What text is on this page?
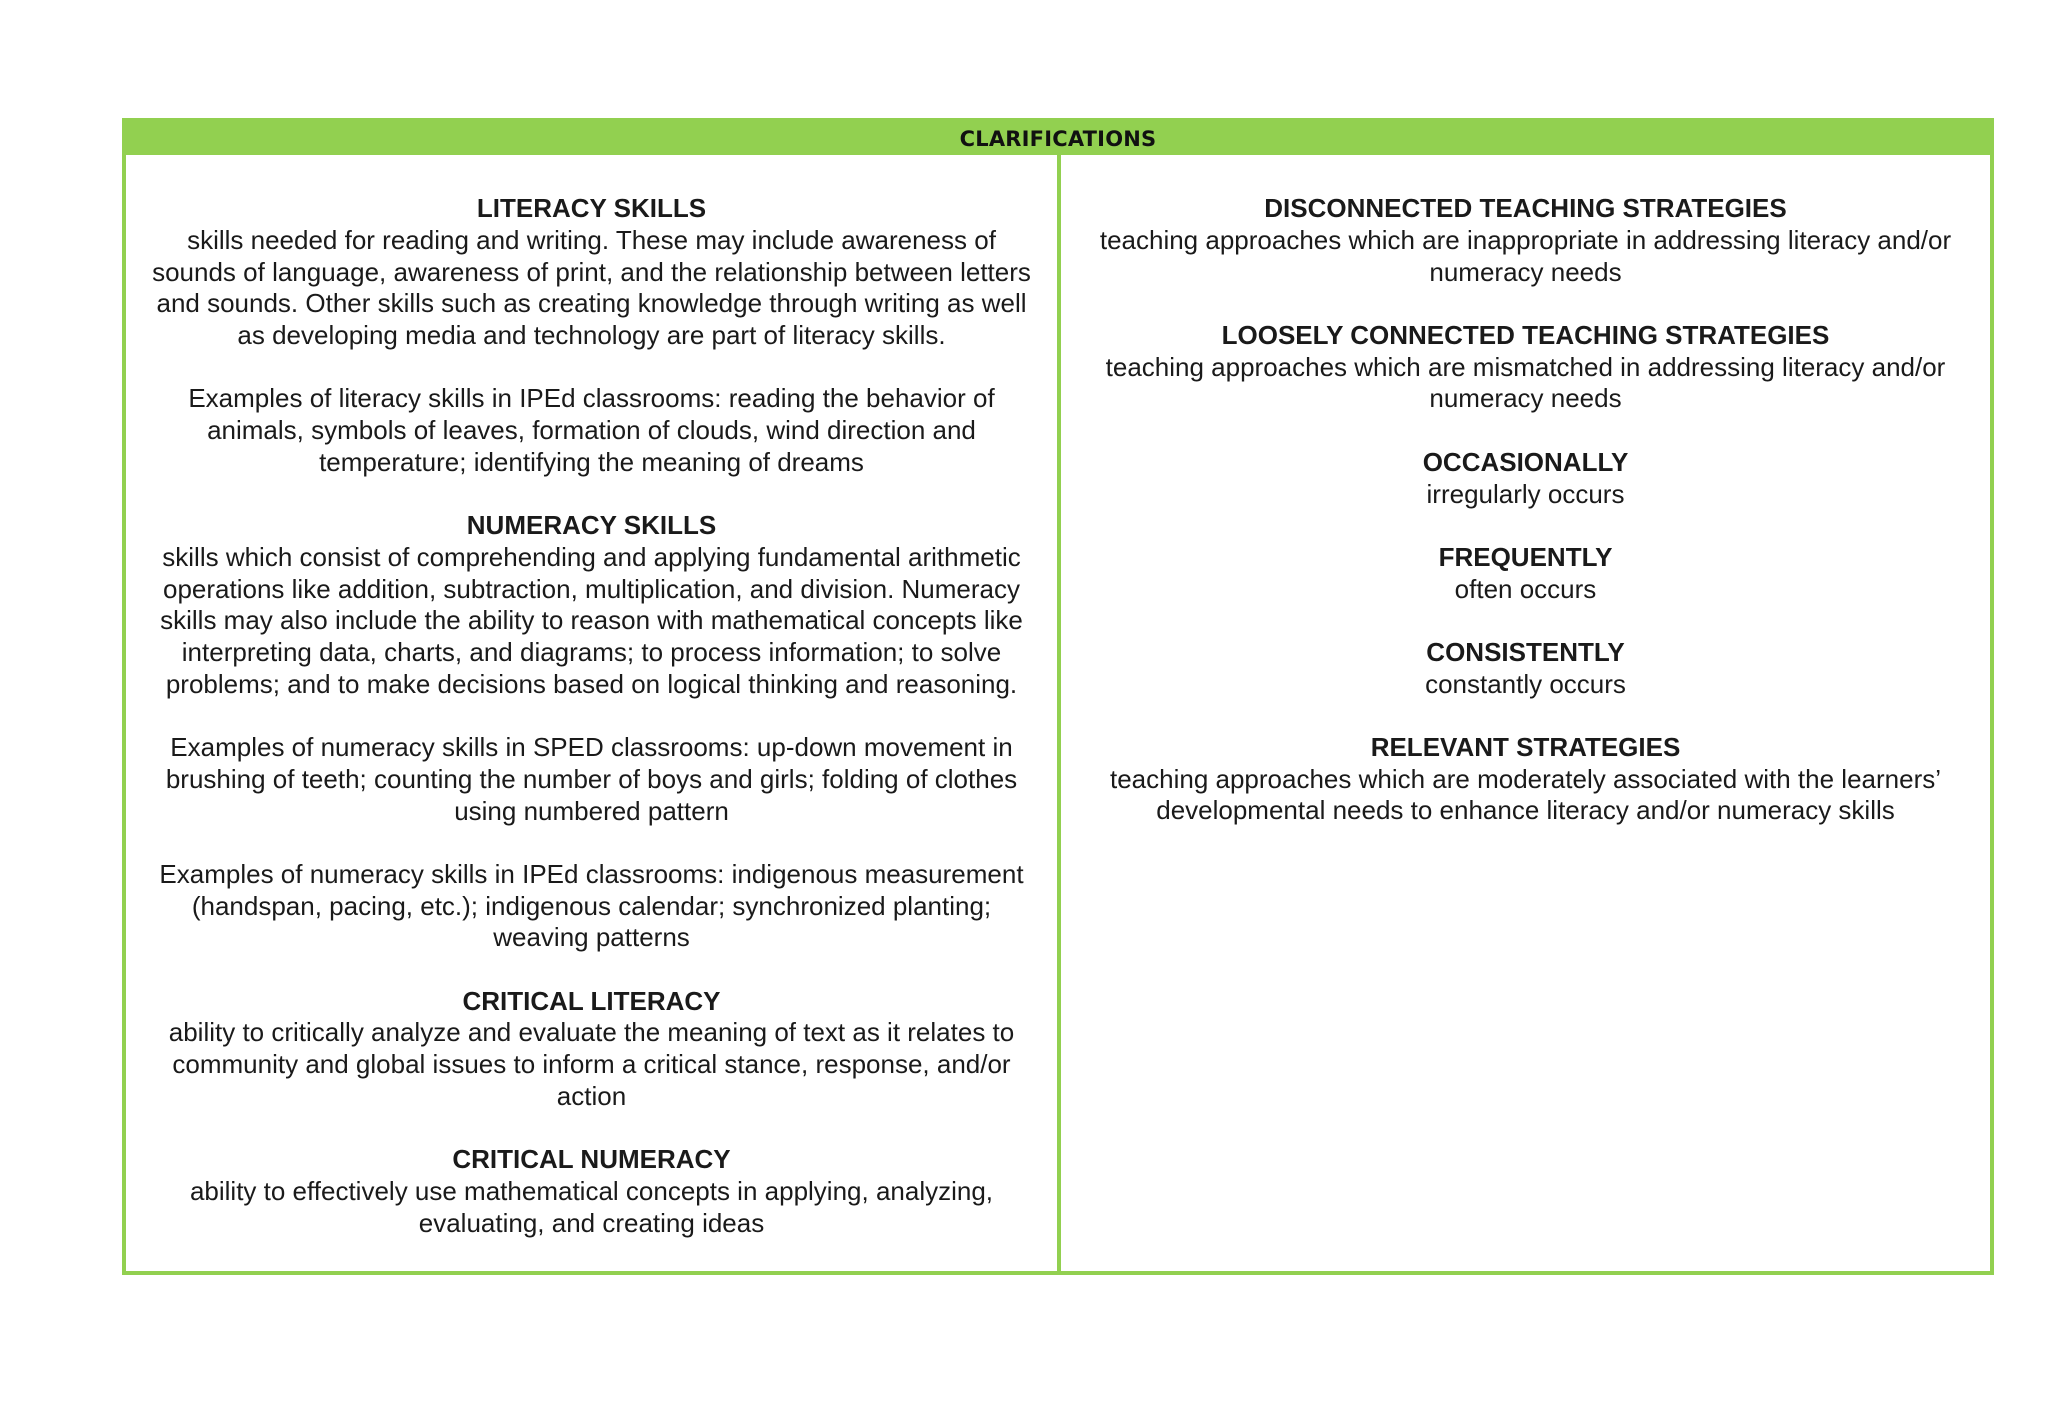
CLARIFICATIONS
LITERACY SKILLS
skills needed for reading and writing. These may include awareness of sounds of language, awareness of print, and the relationship between letters and sounds. Other skills such as creating knowledge through writing as well as developing media and technology are part of literacy skills.
Examples of literacy skills in IPEd classrooms: reading the behavior of animals, symbols of leaves, formation of clouds, wind direction and temperature; identifying the meaning of dreams
NUMERACY SKILLS
skills which consist of comprehending and applying fundamental arithmetic operations like addition, subtraction, multiplication, and division. Numeracy skills may also include the ability to reason with mathematical concepts like interpreting data, charts, and diagrams; to process information; to solve problems; and to make decisions based on logical thinking and reasoning.
Examples of numeracy skills in SPED classrooms: up-down movement in brushing of teeth; counting the number of boys and girls; folding of clothes using numbered pattern
Examples of numeracy skills in IPEd classrooms: indigenous measurement (handspan, pacing, etc.); indigenous calendar; synchronized planting; weaving patterns
CRITICAL LITERACY
ability to critically analyze and evaluate the meaning of text as it relates to community and global issues to inform a critical stance, response, and/or action
CRITICAL NUMERACY
ability to effectively use mathematical concepts in applying, analyzing, evaluating, and creating ideas
DISCONNECTED TEACHING STRATEGIES
teaching approaches which are inappropriate in addressing literacy and/or numeracy needs
LOOSELY CONNECTED TEACHING STRATEGIES
teaching approaches which are mismatched in addressing literacy and/or numeracy needs
OCCASIONALLY
irregularly occurs
FREQUENTLY
often occurs
CONSISTENTLY
constantly occurs
RELEVANT STRATEGIES
teaching approaches which are moderately associated with the learners’ developmental needs to enhance literacy and/or numeracy skills
